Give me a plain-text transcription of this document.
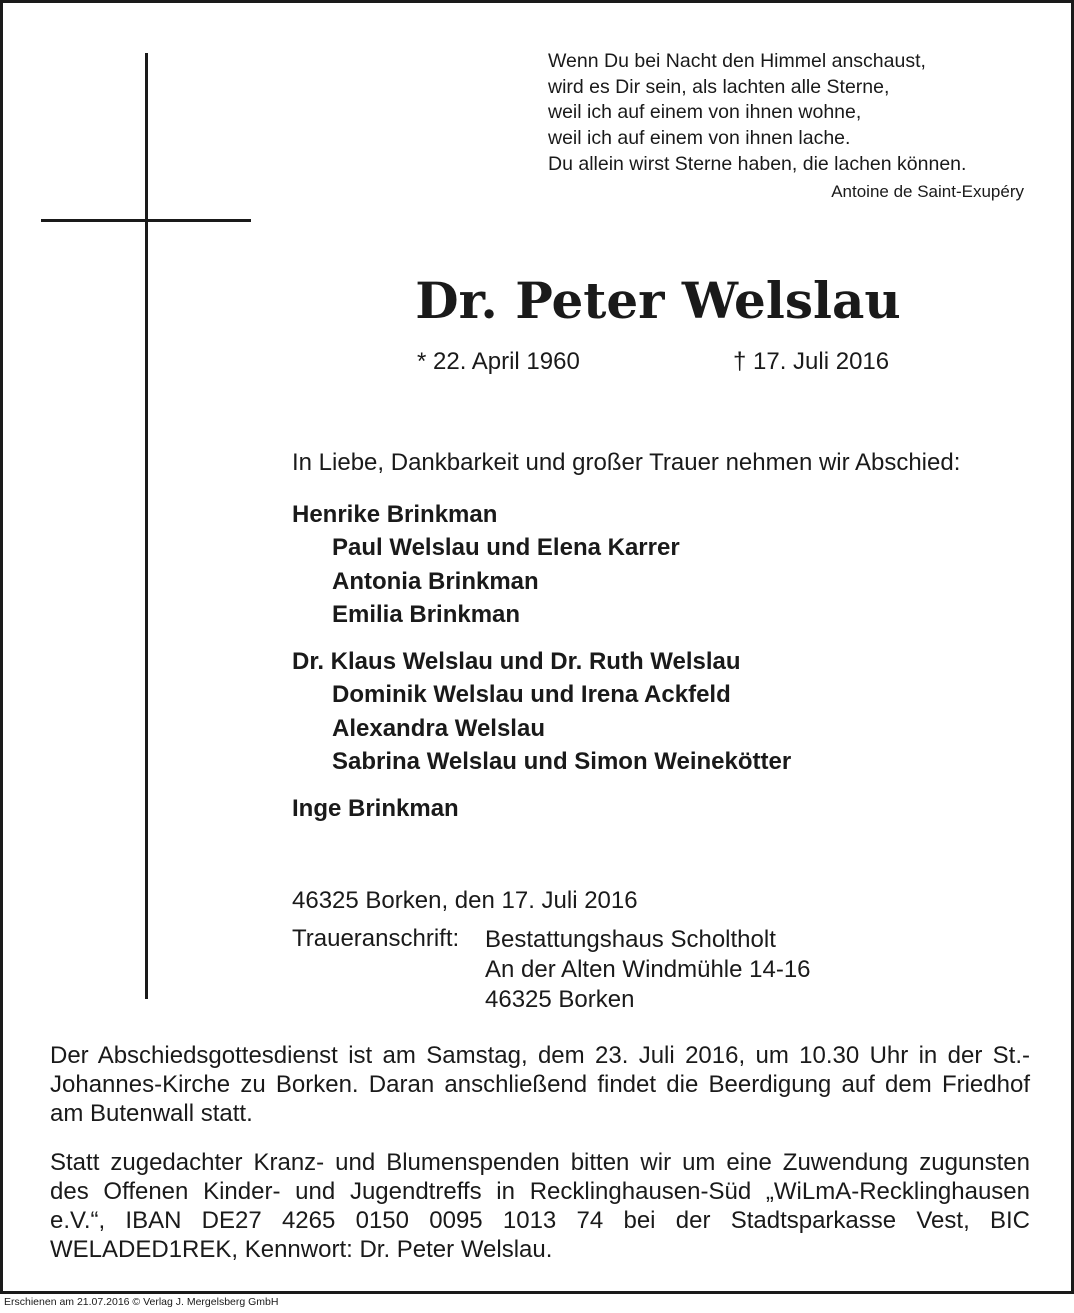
Wenn Du bei Nacht den Himmel anschaust,
wird es Dir sein, als lachten alle Sterne,
weil ich auf einem von ihnen wohne,
weil ich auf einem von ihnen lache.
Du allein wirst Sterne haben, die lachen können.
Antoine de Saint-Exupéry
Dr. Peter Welslau
* 22. April 1960	† 17. Juli 2016
In Liebe, Dankbarkeit und großer Trauer nehmen wir Abschied:
Henrike Brinkman
Paul Welslau und Elena Karrer
Antonia Brinkman
Emilia Brinkman
Dr. Klaus Welslau und Dr. Ruth Welslau
Dominik Welslau und Irena Ackfeld
Alexandra Welslau
Sabrina Welslau und Simon Weinekötter
Inge Brinkman
46325 Borken, den 17. Juli 2016
Traueranschrift: Bestattungshaus Scholtholt
An der Alten Windmühle 14-16
46325 Borken
Der Abschiedsgottesdienst ist am Samstag, dem 23. Juli 2016, um 10.30 Uhr in der St.-Johannes-Kirche zu Borken. Daran anschließend findet die Beerdigung auf dem Friedhof am Butenwall statt.
Statt zugedachter Kranz- und Blumenspenden bitten wir um eine Zuwendung zugunsten des Offenen Kinder- und Jugendtreffs in Recklinghausen-Süd „WiLmA-Recklinghausen e.V.“, IBAN DE27 4265 0150 0095 1013 74 bei der Stadtsparkasse Vest, BIC WELADED1REK, Kennwort: Dr. Peter Welslau.
Erschienen am 21.07.2016 © Verlag J. Mergelsberg GmbH
